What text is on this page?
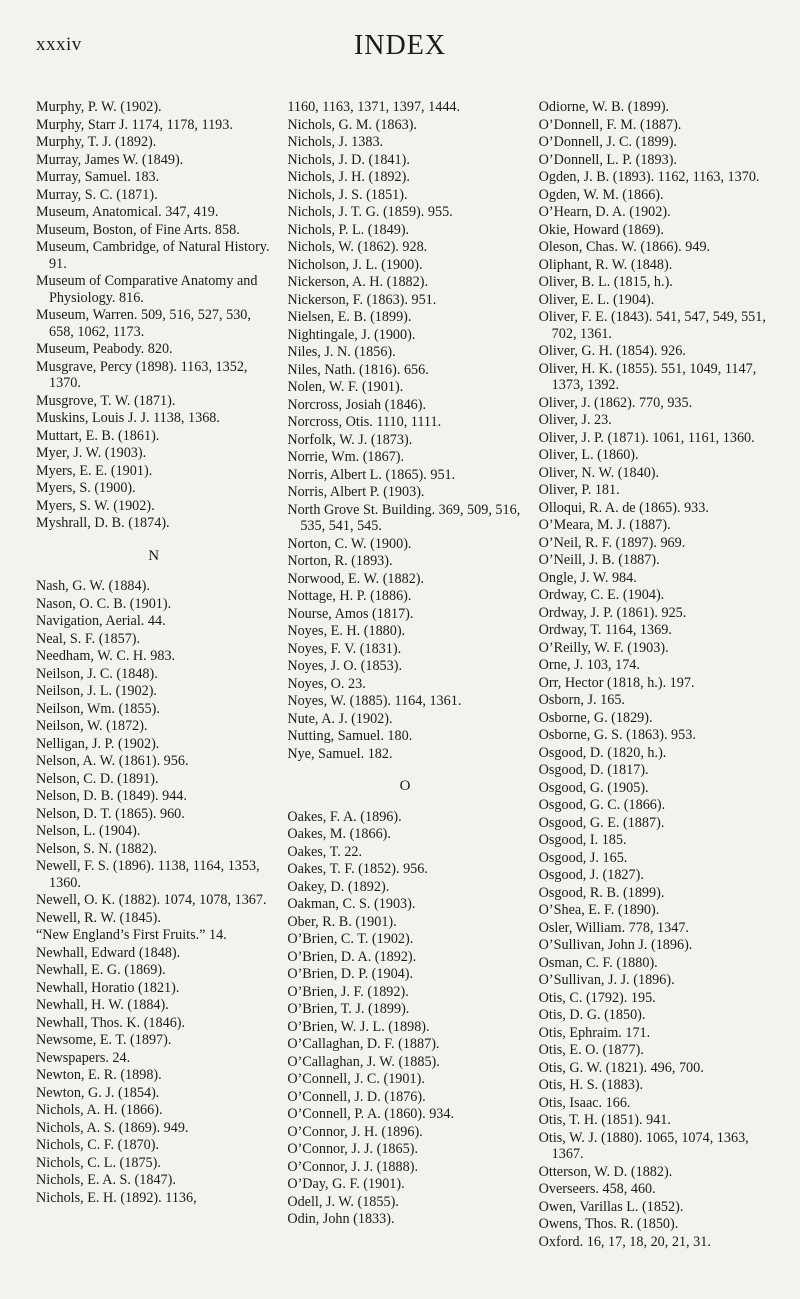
xxxiv	INDEX
Murphy, P. W. (1902).
Murphy, Starr J. 1174, 1178, 1193.
Murphy, T. J. (1892).
Murray, James W. (1849).
Murray, Samuel. 183.
Murray, S. C. (1871).
Museum, Anatomical. 347, 419.
Museum, Boston, of Fine Arts. 858.
Museum, Cambridge, of Natural History. 91.
Museum of Comparative Anatomy and Physiology. 816.
Museum, Warren. 509, 516, 527, 530, 658, 1062, 1173.
Museum, Peabody. 820.
Musgrave, Percy (1898). 1163, 1352, 1370.
Musgrove, T. W. (1871).
Muskins, Louis J. J. 1138, 1368.
Muttart, E. B. (1861).
Myer, J. W. (1903).
Myers, E. E. (1901).
Myers, S. (1900).
Myers, S. W. (1902).
Myshrall, D. B. (1874).
N
Nash, G. W. (1884).
Nason, O. C. B. (1901).
Navigation, Aerial. 44.
Neal, S. F. (1857).
Needham, W. C. H. 983.
Neilson, J. C. (1848).
Neilson, J. L. (1902).
Neilson, Wm. (1855).
Neilson, W. (1872).
Nelligan, J. P. (1902).
Nelson, A. W. (1861). 956.
Nelson, C. D. (1891).
Nelson, D. B. (1849). 944.
Nelson, D. T. (1865). 960.
Nelson, L. (1904).
Nelson, S. N. (1882).
Newell, F. S. (1896). 1138, 1164, 1353, 1360.
Newell, O. K. (1882). 1074, 1078, 1367.
Newell, R. W. (1845).
“New England’s First Fruits.” 14.
Newhall, Edward (1848).
Newhall, E. G. (1869).
Newhall, Horatio (1821).
Newhall, H. W. (1884).
Newhall, Thos. K. (1846).
Newsome, E. T. (1897).
Newspapers. 24.
Newton, E. R. (1898).
Newton, G. J. (1854).
Nichols, A. H. (1866).
Nichols, A. S. (1869). 949.
Nichols, C. F. (1870).
Nichols, C. L. (1875).
Nichols, E. A. S. (1847).
Nichols, E. H. (1892). 1136,
1160, 1163, 1371, 1397, 1444.
Nichols, G. M. (1863).
Nichols, J. 1383.
Nichols, J. D. (1841).
Nichols, J. H. (1892).
Nichols, J. S. (1851).
Nichols, J. T. G. (1859). 955.
Nichols, P. L. (1849).
Nichols, W. (1862). 928.
Nicholson, J. L. (1900).
Nickerson, A. H. (1882).
Nickerson, F. (1863). 951.
Nielsen, E. B. (1899).
Nightingale, J. (1900).
Niles, J. N. (1856).
Niles, Nath. (1816). 656.
Nolen, W. F. (1901).
Norcross, Josiah (1846).
Norcross, Otis. 1110, 1111.
Norfolk, W. J. (1873).
Norrie, Wm. (1867).
Norris, Albert L. (1865). 951.
Norris, Albert P. (1903).
North Grove St. Building. 369, 509, 516, 535, 541, 545.
Norton, C. W. (1900).
Norton, R. (1893).
Norwood, E. W. (1882).
Nottage, H. P. (1886).
Nourse, Amos (1817).
Noyes, E. H. (1880).
Noyes, F. V. (1831).
Noyes, J. O. (1853).
Noyes, O. 23.
Noyes, W. (1885). 1164, 1361.
Nute, A. J. (1902).
Nutting, Samuel. 180.
Nye, Samuel. 182.
O
Oakes, F. A. (1896).
Oakes, M. (1866).
Oakes, T. 22.
Oakes, T. F. (1852). 956.
Oakey, D. (1892).
Oakman, C. S. (1903).
Ober, R. B. (1901).
O’Brien, C. T. (1902).
O’Brien, D. A. (1892).
O’Brien, D. P. (1904).
O’Brien, J. F. (1892).
O’Brien, T. J. (1899).
O’Brien, W. J. L. (1898).
O’Callaghan, D. F. (1887).
O’Callaghan, J. W. (1885).
O’Connell, J. C. (1901).
O’Connell, J. D. (1876).
O’Connell, P. A. (1860). 934.
O’Connor, J. H. (1896).
O’Connor, J. J. (1865).
O’Connor, J. J. (1888).
O’Day, G. F. (1901).
Odell, J. W. (1855).
Odin, John (1833).
Odiorne, W. B. (1899).
O’Donnell, F. M. (1887).
O’Donnell, J. C. (1899).
O’Donnell, L. P. (1893).
Ogden, J. B. (1893). 1162, 1163, 1370.
Ogden, W. M. (1866).
O’Hearn, D. A. (1902).
Okie, Howard (1869).
Oleson, Chas. W. (1866). 949.
Oliphant, R. W. (1848).
Oliver, B. L. (1815, h.).
Oliver, E. L. (1904).
Oliver, F. E. (1843). 541, 547, 549, 551, 702, 1361.
Oliver, G. H. (1854). 926.
Oliver, H. K. (1855). 551, 1049, 1147, 1373, 1392.
Oliver, J. (1862). 770, 935.
Oliver, J. 23.
Oliver, J. P. (1871). 1061, 1161, 1360.
Oliver, L. (1860).
Oliver, N. W. (1840).
Oliver, P. 181.
Olloqui, R. A. de (1865). 933.
O’Meara, M. J. (1887).
O’Neil, R. F. (1897). 969.
O’Neill, J. B. (1887).
Ongle, J. W. 984.
Ordway, C. E. (1904).
Ordway, J. P. (1861). 925.
Ordway, T. 1164, 1369.
O’Reilly, W. F. (1903).
Orne, J. 103, 174.
Orr, Hector (1818, h.). 197.
Osborn, J. 165.
Osborne, G. (1829).
Osborne, G. S. (1863). 953.
Osgood, D. (1820, h.).
Osgood, D. (1817).
Osgood, G. (1905).
Osgood, G. C. (1866).
Osgood, G. E. (1887).
Osgood, I. 185.
Osgood, J. 165.
Osgood, J. (1827).
Osgood, R. B. (1899).
O’Shea, E. F. (1890).
Osler, William. 778, 1347.
O’Sullivan, John J. (1896).
Osman, C. F. (1880).
O’Sullivan, J. J. (1896).
Otis, C. (1792). 195.
Otis, D. G. (1850).
Otis, Ephraim. 171.
Otis, E. O. (1877).
Otis, G. W. (1821). 496, 700.
Otis, H. S. (1883).
Otis, Isaac. 166.
Otis, T. H. (1851). 941.
Otis, W. J. (1880). 1065, 1074, 1363, 1367.
Otterson, W. D. (1882).
Overseers. 458, 460.
Owen, Varillas L. (1852).
Owens, Thos. R. (1850).
Oxford. 16, 17, 18, 20, 21, 31.
